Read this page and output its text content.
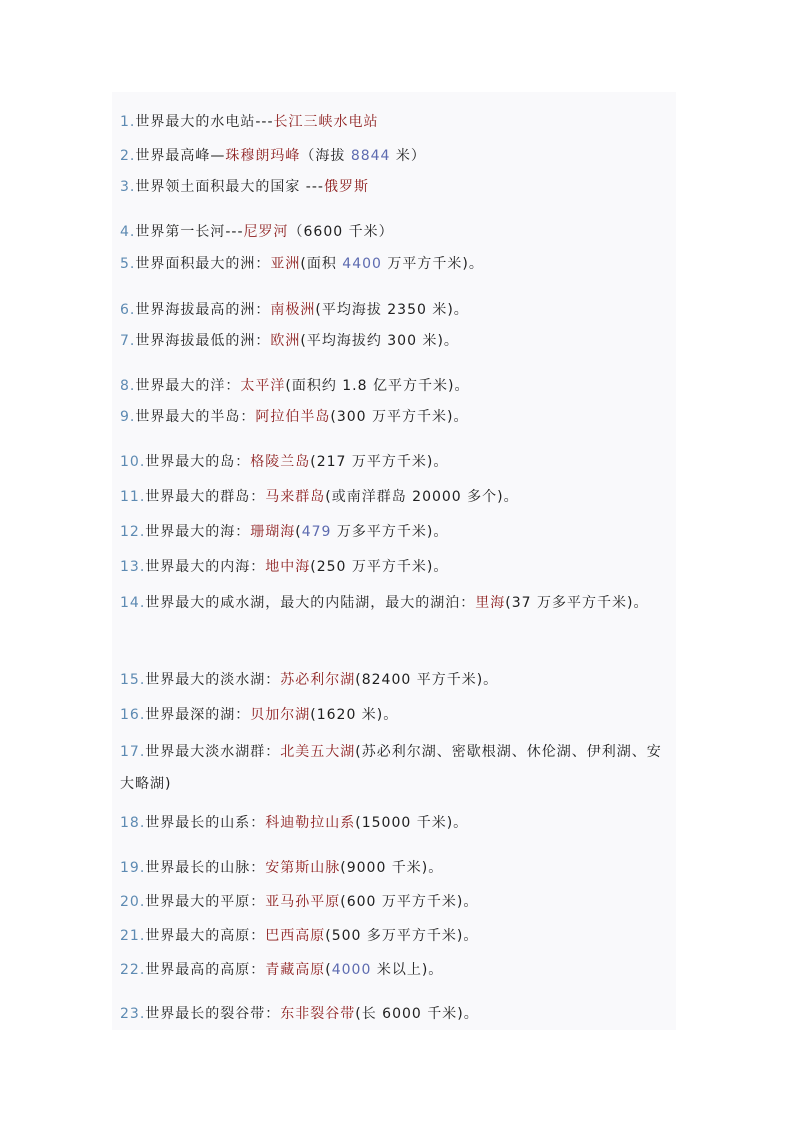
1.世界最大的水电站---长江三峡水电站
2.世界最高峰—珠穆朗玛峰（海拔 8844 米）
3.世界领土面积最大的国家 ---俄罗斯
4.世界第一长河---尼罗河（6600 千米）
5.世界面积最大的洲：亚洲(面积 4400 万平方千米)。
6.世界海拔最高的洲：南极洲(平均海拔 2350 米)。
7.世界海拔最低的洲：欧洲(平均海拔约 300 米)。
8.世界最大的洋：太平洋(面积约 1.8 亿平方千米)。
9.世界最大的半岛：阿拉伯半岛(300 万平方千米)。
10.世界最大的岛：格陵兰岛(217 万平方千米)。
11.世界最大的群岛：马来群岛(或南洋群岛 20000 多个)。
12.世界最大的海：珊瑚海(479 万多平方千米)。
13.世界最大的内海：地中海(250 万平方千米)。
14.世界最大的咸水湖，最大的内陆湖，最大的湖泊：里海(37 万多平方千米)。
15.世界最大的淡水湖：苏必利尔湖(82400 平方千米)。
16.世界最深的湖：贝加尔湖(1620 米)。
17.世界最大淡水湖群：北美五大湖(苏必利尔湖、密歇根湖、休伦湖、伊利湖、安大略湖)
18.世界最长的山系：科迪勒拉山系(15000 千米)。
19.世界最长的山脉：安第斯山脉(9000 千米)。
20.世界最大的平原：亚马孙平原(600 万平方千米)。
21.世界最大的高原：巴西高原(500 多万平方千米)。
22.世界最高的高原：青藏高原(4000 米以上)。
23.世界最长的裂谷带：东非裂谷带(长 6000 千米)。
